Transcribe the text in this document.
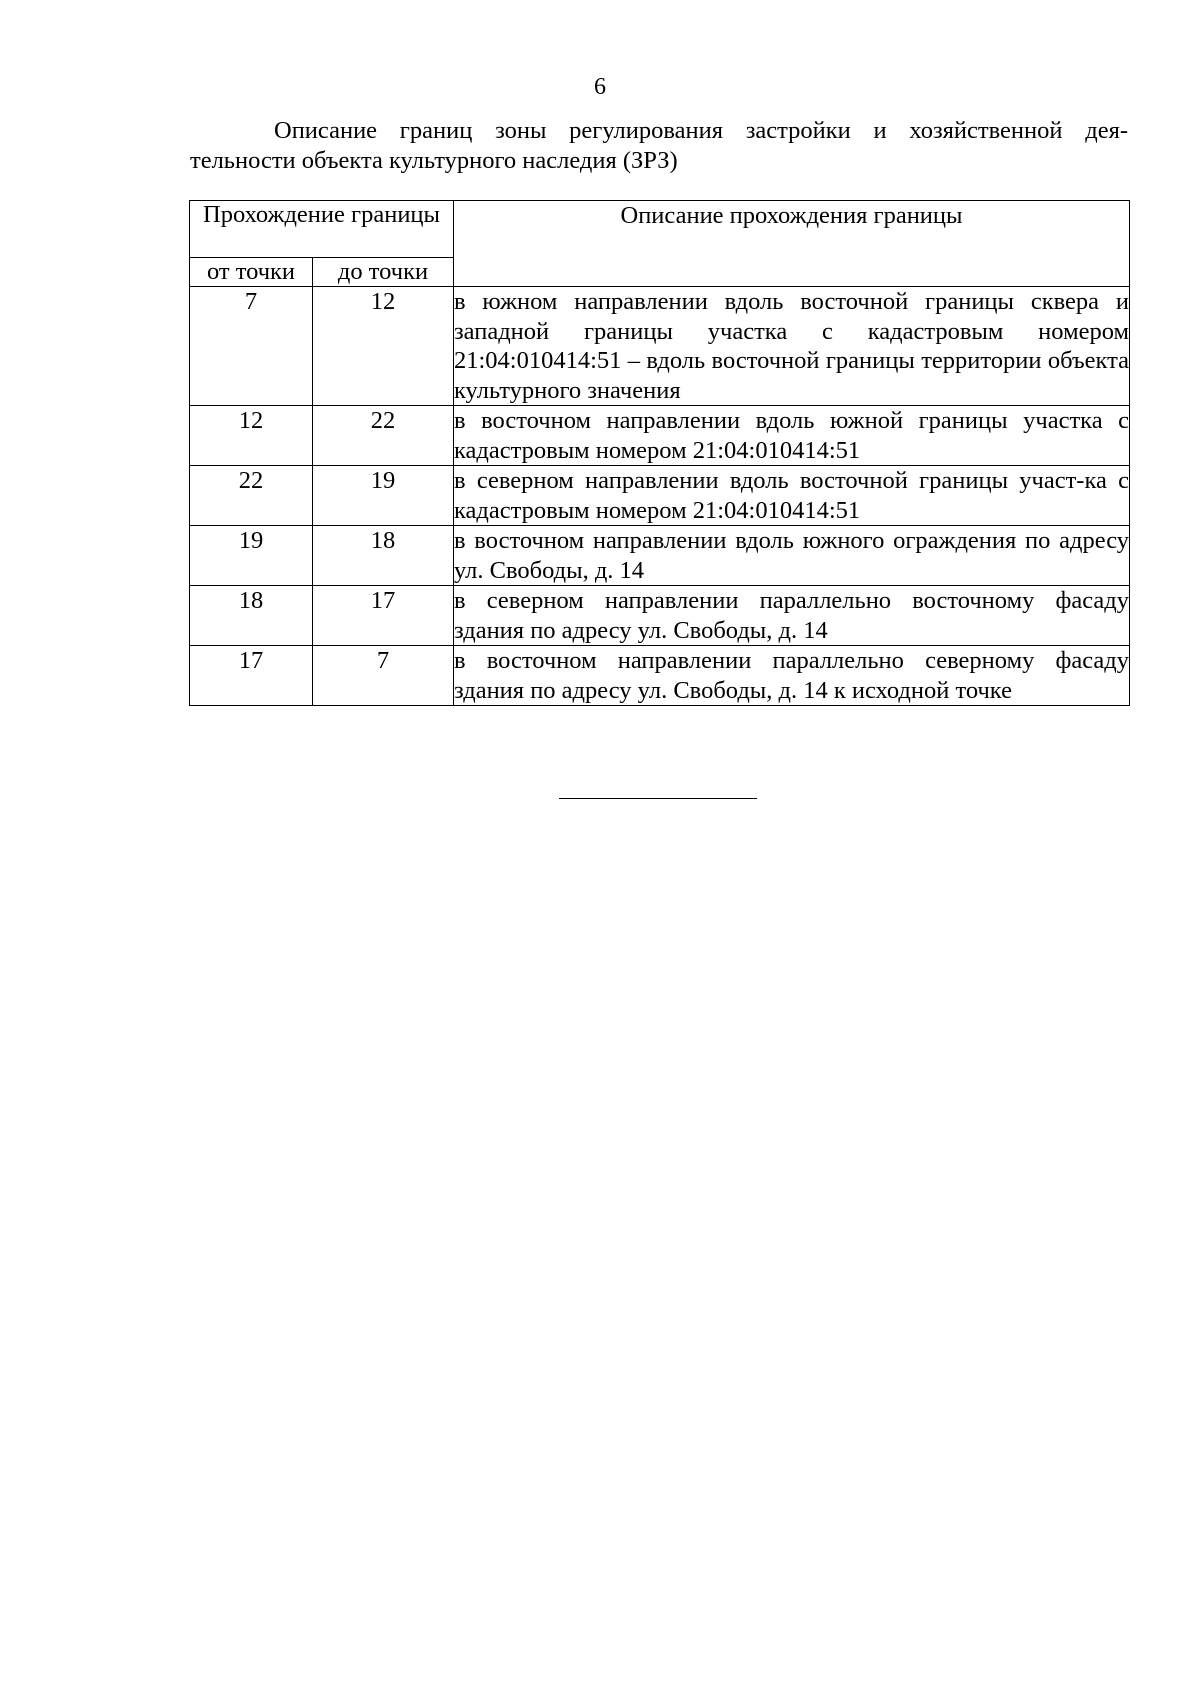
6
Описание границ зоны регулирования застройки и хозяйственной дея-
тельности объекта культурного наследия (ЗРЗ)
Прохождение границы		Описание прохождения границы
от точки	до точки	
7	12	в южном направлении вдоль восточной границы сквера и западной границы участка с кадастровым номером 21:04:010414:51 – вдоль восточной границы территории объекта культурного значения
12	22	в восточном направлении вдоль южной границы участка с кадастровым номером 21:04:010414:51
22	19	в северном направлении вдоль восточной границы участ-ка с кадастровым номером 21:04:010414:51
19	18	в восточном направлении вдоль южного ограждения по адресу ул. Свободы, д. 14
18	17	в северном направлении параллельно восточному фасаду здания по адресу ул. Свободы, д. 14
17	7	в восточном направлении параллельно северному фасаду здания по адресу ул. Свободы, д. 14 к исходной точке
